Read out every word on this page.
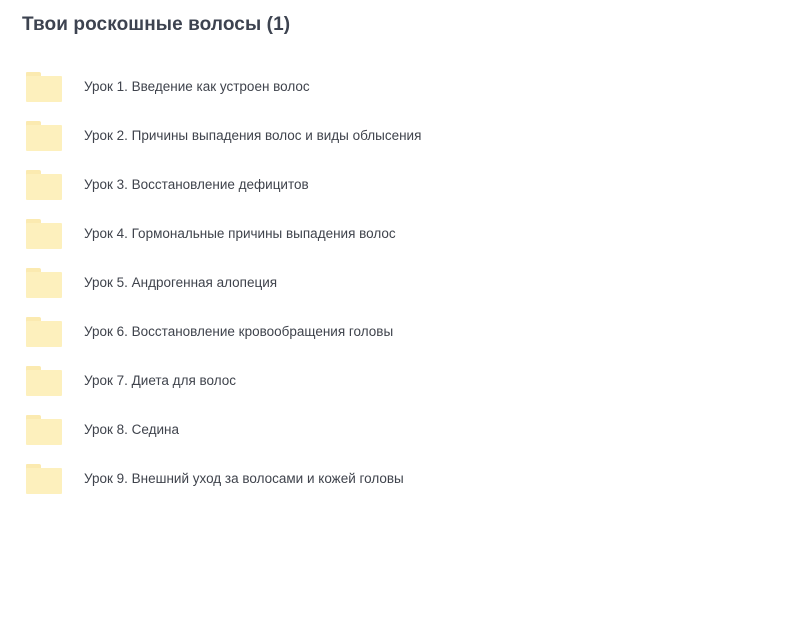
Твои роскошные волосы (1)
Урок 1. Введение как устроен волос
Урок 2. Причины выпадения волос и виды облысения
Урок 3. Восстановление дефицитов
Урок 4. Гормональные причины выпадения волос
Урок 5. Андрогенная алопеция
Урок 6. Восстановление кровообращения головы
Урок 7. Диета для волос
Урок 8. Седина
Урок 9. Внешний уход за волосами и кожей головы
